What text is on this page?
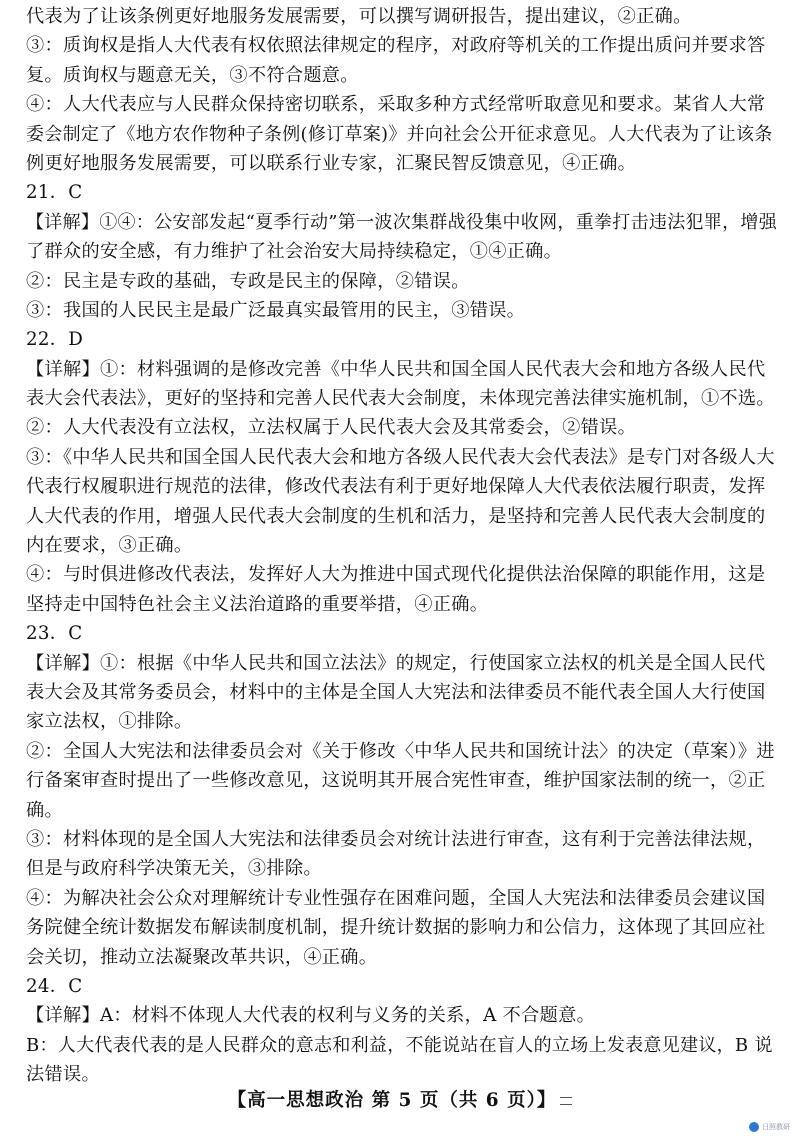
代表为了让该条例更好地服务发展需要，可以撰写调研报告，提出建议，②正确。
③：质询权是指人大代表有权依照法律规定的程序，对政府等机关的工作提出质问并要求答
复。质询权与题意无关，③不符合题意。
④：人大代表应与人民群众保持密切联系，采取多种方式经常听取意见和要求。某省人大常
委会制定了《地方农作物种子条例(修订草案)》并向社会公开征求意见。人大代表为了让该条
例更好地服务发展需要，可以联系行业专家，汇聚民智反馈意见，④正确。
21．C
【详解】①④：公安部发起“夏季行动”第一波次集群战役集中收网，重拳打击违法犯罪，增强
了群众的安全感，有力维护了社会治安大局持续稳定，①④正确。
②：民主是专政的基础，专政是民主的保障，②错误。
③：我国的人民民主是最广泛最真实最管用的民主，③错误。
22．D
【详解】①：材料强调的是修改完善《中华人民共和国全国人民代表大会和地方各级人民代
表大会代表法》，更好的坚持和完善人民代表大会制度，未体现完善法律实施机制，①不选。
②：人大代表没有立法权，立法权属于人民代表大会及其常委会，②错误。
③：《中华人民共和国全国人民代表大会和地方各级人民代表大会代表法》是专门对各级人大
代表行权履职进行规范的法律，修改代表法有利于更好地保障人大代表依法履行职责，发挥
人大代表的作用，增强人民代表大会制度的生机和活力，是坚持和完善人民代表大会制度的
内在要求，③正确。
④：与时俱进修改代表法，发挥好人大为推进中国式现代化提供法治保障的职能作用，这是
坚持走中国特色社会主义法治道路的重要举措，④正确。
23．C
【详解】①：根据《中华人民共和国立法法》的规定，行使国家立法权的机关是全国人民代
表大会及其常务委员会，材料中的主体是全国人大宪法和法律委员不能代表全国人大行使国
家立法权，①排除。
②：全国人大宪法和法律委员会对《关于修改〈中华人民共和国统计法〉的决定（草案）》进
行备案审查时提出了一些修改意见，这说明其开展合宪性审查，维护国家法制的统一，②正
确。
③：材料体现的是全国人大宪法和法律委员会对统计法进行审查，这有利于完善法律法规，
但是与政府科学决策无关，③排除。
④：为解决社会公众对理解统计专业性强存在困难问题，全国人大宪法和法律委员会建议国
务院健全统计数据发布解读制度机制，提升统计数据的影响力和公信力，这体现了其回应社
会关切，推动立法凝聚改革共识，④正确。
24．C
【详解】A：材料不体现人大代表的权利与义务的关系，A 不合题意。
B：人大代表代表的是人民群众的意志和利益，不能说站在盲人的立场上发表意见建议，B 说
法错误。
【高一思想政治 第 5 页（共 6 页）】
日照教研
